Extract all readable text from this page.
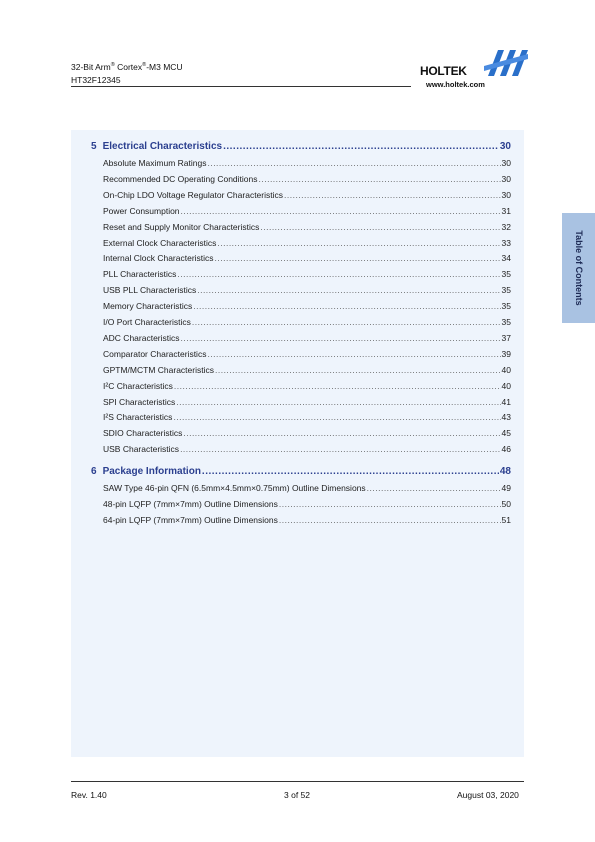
32-Bit Arm® Cortex®-M3 MCU
HT32F12345
HOLTEK
www.holtek.com
5 Electrical Characteristics .....	30
Absolute Maximum Ratings .....	30
Recommended DC Operating Conditions .....	30
On-Chip LDO Voltage Regulator Characteristics .....	30
Power Consumption .....	31
Reset and Supply Monitor Characteristics .....	32
External Clock Characteristics .....	33
Internal Clock Characteristics .....	34
PLL Characteristics .....	35
USB PLL Characteristics .....	35
Memory Characteristics .....	35
I/O Port Characteristics .....	35
ADC Characteristics .....	37
Comparator Characteristics .....	39
GPTM/MCTM Characteristics .....	40
I²C Characteristics .....	40
SPI Characteristics .....	41
I²S Characteristics .....	43
SDIO Characteristics .....	45
USB Characteristics .....	46
6 Package Information .....	48
SAW Type 46-pin QFN (6.5mm×4.5mm×0.75mm) Outline Dimensions .....	49
48-pin LQFP (7mm×7mm) Outline Dimensions .....	50
64-pin LQFP (7mm×7mm) Outline Dimensions .....	51
Table of Contents
Rev. 1.40	3 of 52	August 03, 2020
